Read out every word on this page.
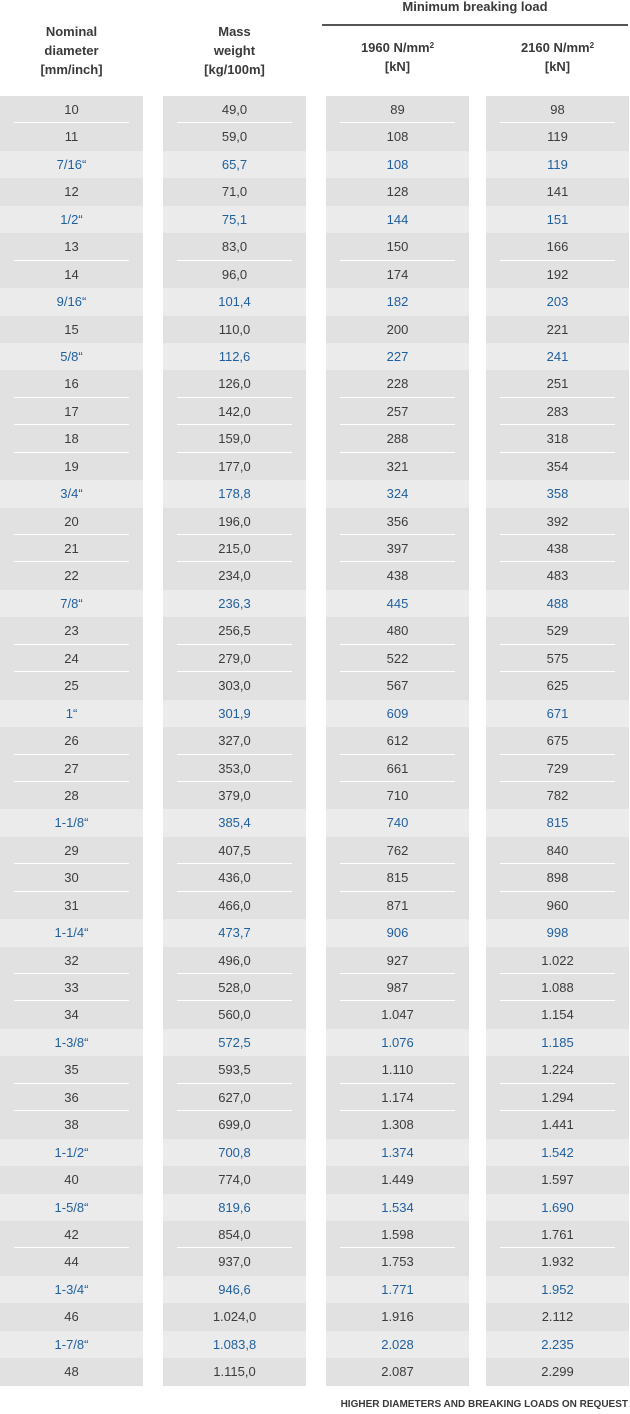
Nominal
diameter
[mm/inch]
Mass
weight
[kg/100m]
Minimum breaking load
1960 $N/mm^2$
[kN]
2160 $N/mm^2$
[kN]
10
11
7/16“
12
1/2“
13
14
9/16“
15
5/8“
16
17
18
19
3/4“
20
21
22
7/8“
23
24
25
1“
26
27
28
1-1/8“
29
30
31
1-1/4“
32
33
34
1-3/8“
35
36
38
1-1/2“
40
1-5/8“
42
44
1-3/4“
46
1-7/8“
48
49,0
59,0
65,7
71,0
75,1
83,0
96,0
101,4
110,0
112,6
126,0
142,0
159,0
177,0
178,8
196,0
215,0
234,0
236,3
256,5
279,0
303,0
301,9
327,0
353,0
379,0
385,4
407,5
436,0
466,0
473,7
496,0
528,0
560,0
572,5
593,5
627,0
699,0
700,8
774,0
819,6
854,0
937,0
946,6
1.024,0
1.083,8
1.115,0
89
108
108
128
144
150
174
182
200
227
228
257
288
321
324
356
397
438
445
480
522
567
609
612
661
710
740
762
815
871
906
927
987
1.047
1.076
1.110
1.174
1.308
1.374
1.449
1.534
1.598
1.753
1.771
1.916
2.028
2.087
98
119
119
141
151
166
192
203
221
241
251
283
318
354
358
392
438
483
488
529
575
625
671
675
729
782
815
840
898
960
998
1.022
1.088
1.154
1.185
1.224
1.294
1.441
1.542
1.597
1.690
1.761
1.932
1.952
2.112
2.235
2.299
HIGHER DIAMETERS AND BREAKING LOADS ON REQUEST
